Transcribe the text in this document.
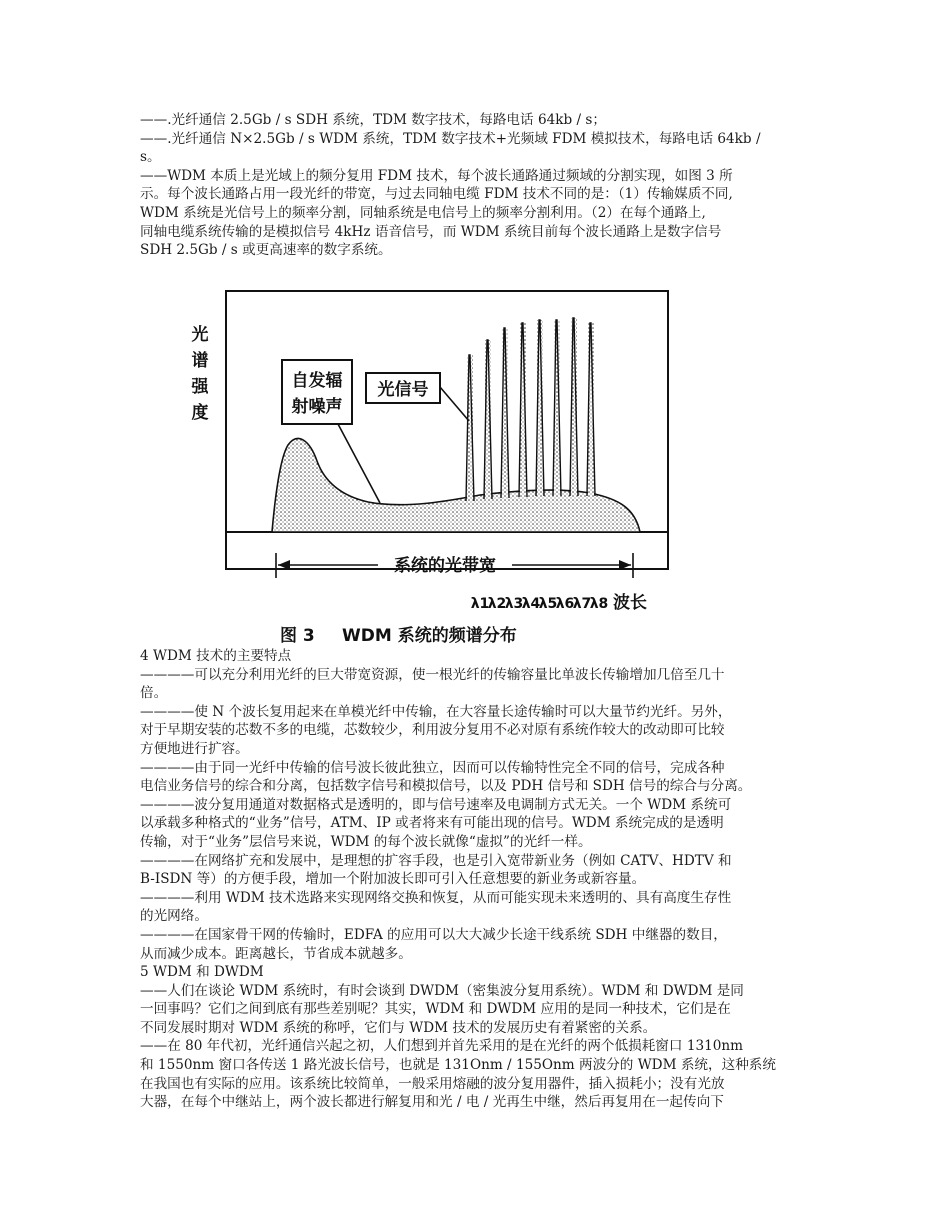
——.光纤通信 2.5Gb / s SDH 系统，TDM 数字技术，每路电话 64kb / s；
——.光纤通信 N×2.5Gb / s WDM 系统，TDM 数字技术+光频域 FDM 模拟技术，每路电话 64kb /
s。
——WDM 本质上是光域上的频分复用 FDM 技术，每个波长通路通过频域的分割实现，如图 3 所
示。每个波长通路占用一段光纤的带宽，与过去同轴电缆 FDM 技术不同的是：（1）传输媒质不同,
WDM 系统是光信号上的频率分割，同轴系统是电信号上的频率分割利用。（2）在每个通路上,
同轴电缆系统传输的是模拟信号 4kHz 语音信号，而 WDM 系统目前每个波长通路上是数字信号
SDH 2.5Gb / s 或更高速率的数字系统。
光
谱
强
度
自发辐
射噪声
光信号
系统的光带宽
λ1
λ2
λ3
λ4
λ5
λ6
λ7
λ8 波长
图 3 WDM 系统的频谱分布
4 WDM 技术的主要特点
————可以充分利用光纤的巨大带宽资源，使一根光纤的传输容量比单波长传输增加几倍至几十
倍。
————使 N 个波长复用起来在单模光纤中传输，在大容量长途传输时可以大量节约光纤。另外，
对于早期安装的芯数不多的电缆，芯数较少，利用波分复用不必对原有系统作较大的改动即可比较
方便地进行扩容。
————由于同一光纤中传输的信号波长彼此独立，因而可以传输特性完全不同的信号，完成各种
电信业务信号的综合和分离，包括数字信号和模拟信号，以及 PDH 信号和 SDH 信号的综合与分离。
————波分复用通道对数据格式是透明的，即与信号速率及电调制方式无关。一个 WDM 系统可
以承载多种格式的“业务”信号，ATM、IP 或者将来有可能出现的信号。WDM 系统完成的是透明
传输，对于“业务”层信号来说，WDM 的每个波长就像“虚拟”的光纤一样。
————在网络扩充和发展中，是理想的扩容手段，也是引入宽带新业务（例如 CATV、HDTV 和
B-ISDN 等）的方便手段，增加一个附加波长即可引入任意想要的新业务或新容量。
————利用 WDM 技术选路来实现网络交换和恢复，从而可能实现未来透明的、具有高度生存性
的光网络。
————在国家骨干网的传输时，EDFA 的应用可以大大减少长途干线系统 SDH 中继器的数目，
从而减少成本。距离越长，节省成本就越多。
5 WDM 和 DWDM
——人们在谈论 WDM 系统时，有时会谈到 DWDM（密集波分复用系统）。WDM 和 DWDM 是同
一回事吗？它们之间到底有那些差别呢？其实，WDM 和 DWDM 应用的是同一种技术，它们是在
不同发展时期对 WDM 系统的称呼，它们与 WDM 技术的发展历史有着紧密的关系。
——在 80 年代初，光纤通信兴起之初，人们想到并首先采用的是在光纤的两个低损耗窗口 1310nm
和 1550nm 窗口各传送 1 路光波长信号，也就是 131Onm / 155Onm 两波分的 WDM 系统，这种系统
在我国也有实际的应用。该系统比较简单，一般采用熔融的波分复用器件，插入损耗小；没有光放
大器，在每个中继站上，两个波长都进行解复用和光 / 电 / 光再生中继，然后再复用在一起传向下
